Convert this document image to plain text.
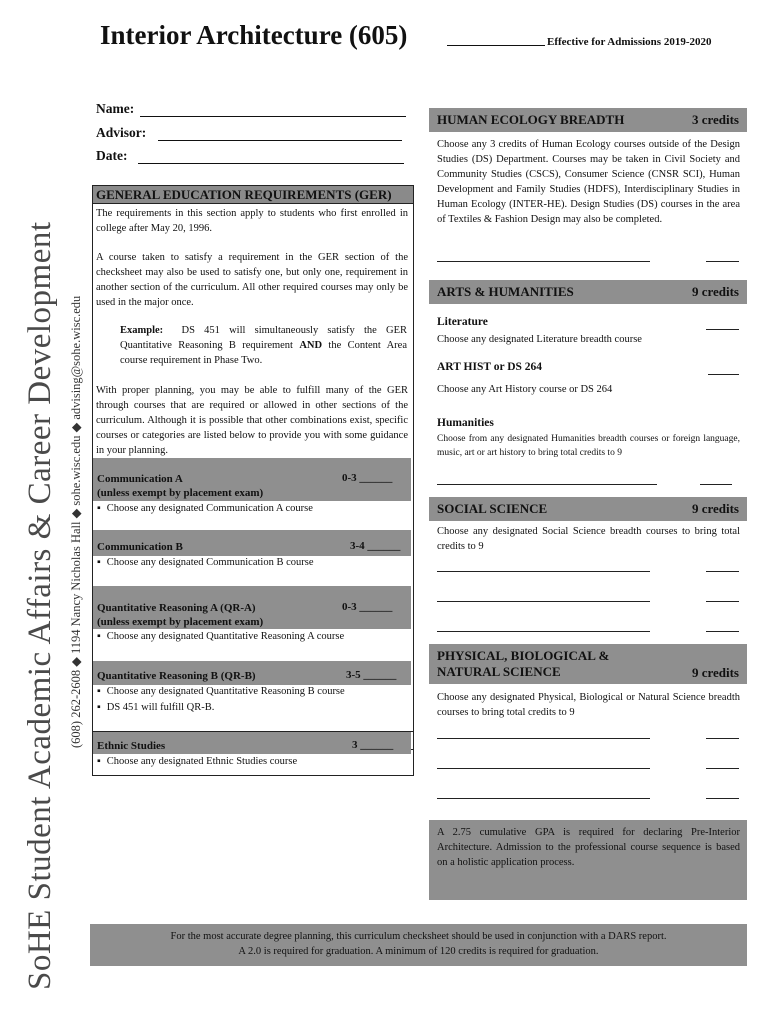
SoHE Student Academic Affairs & Career Development (608) 262-2608 ◆ 1194 Nancy Nicholas Hall ◆ sohe.wisc.edu ◆ advising@sohe.wisc.edu
Interior Architecture (605)	Effective for Admissions 2019-2020
Name:
Advisor:
Date:
GENERAL EDUCATION REQUIREMENTS (GER)
The requirements in this section apply to students who first enrolled in college after May 20, 1996.
A course taken to satisfy a requirement in the GER section of the checksheet may also be used to satisfy one, but only one, requirement in another section of the curriculum. All other required courses may only be used in the major once.
Example: DS 451 will simultaneously satisfy the GER Quantitative Reasoning B requirement AND the Content Area course requirement in Phase Two.
With proper planning, you may be able to fulfill many of the GER through courses that are required or allowed in other sections of the curriculum. Although it is possible that other combinations exist, specific courses or categories are listed below to provide you with some guidance in your planning.
Communication A
(unless exempt by placement exam)
0-3 ______
▪ Choose any designated Communication A course
Communication B	3-4 ______
▪ Choose any designated Communication B course
Quantitative Reasoning A (QR-A)
(unless exempt by placement exam)
0-3 ______
▪ Choose any designated Quantitative Reasoning A course
Quantitative Reasoning B (QR-B)	3-5 ______
▪ Choose any designated Quantitative Reasoning B course
▪ DS 451 will fulfill QR-B.
Ethnic Studies	3 ______
▪ Choose any designated Ethnic Studies course
HUMAN ECOLOGY BREADTH	3 credits
Choose any 3 credits of Human Ecology courses outside of the Design Studies (DS) Department. Courses may be taken in Civil Society and Community Studies (CSCS), Consumer Science (CNSR SCI), Human Development and Family Studies (HDFS), Interdisciplinary Studies in Human Ecology (INTER-HE). Design Studies (DS) courses in the area of Textiles & Fashion Design may also be completed.
ARTS & HUMANITIES	9 credits
Literature
Choose any designated Literature breadth course
ART HIST or DS 264
Choose any Art History course or DS 264
Humanities
Choose from any designated Humanities breadth courses or foreign language, music, art or art history to bring total credits to 9
SOCIAL SCIENCE	9 credits
Choose any designated Social Science breadth courses to bring total credits to 9
PHYSICAL, BIOLOGICAL &
NATURAL SCIENCE	9 credits
Choose any designated Physical, Biological or Natural Science breadth courses to bring total credits to 9
A 2.75 cumulative GPA is required for declaring Pre-Interior Architecture. Admission to the professional course sequence is based on a holistic application process.
For the most accurate degree planning, this curriculum checksheet should be used in conjunction with a DARS report.
A 2.0 is required for graduation. A minimum of 120 credits is required for graduation.
